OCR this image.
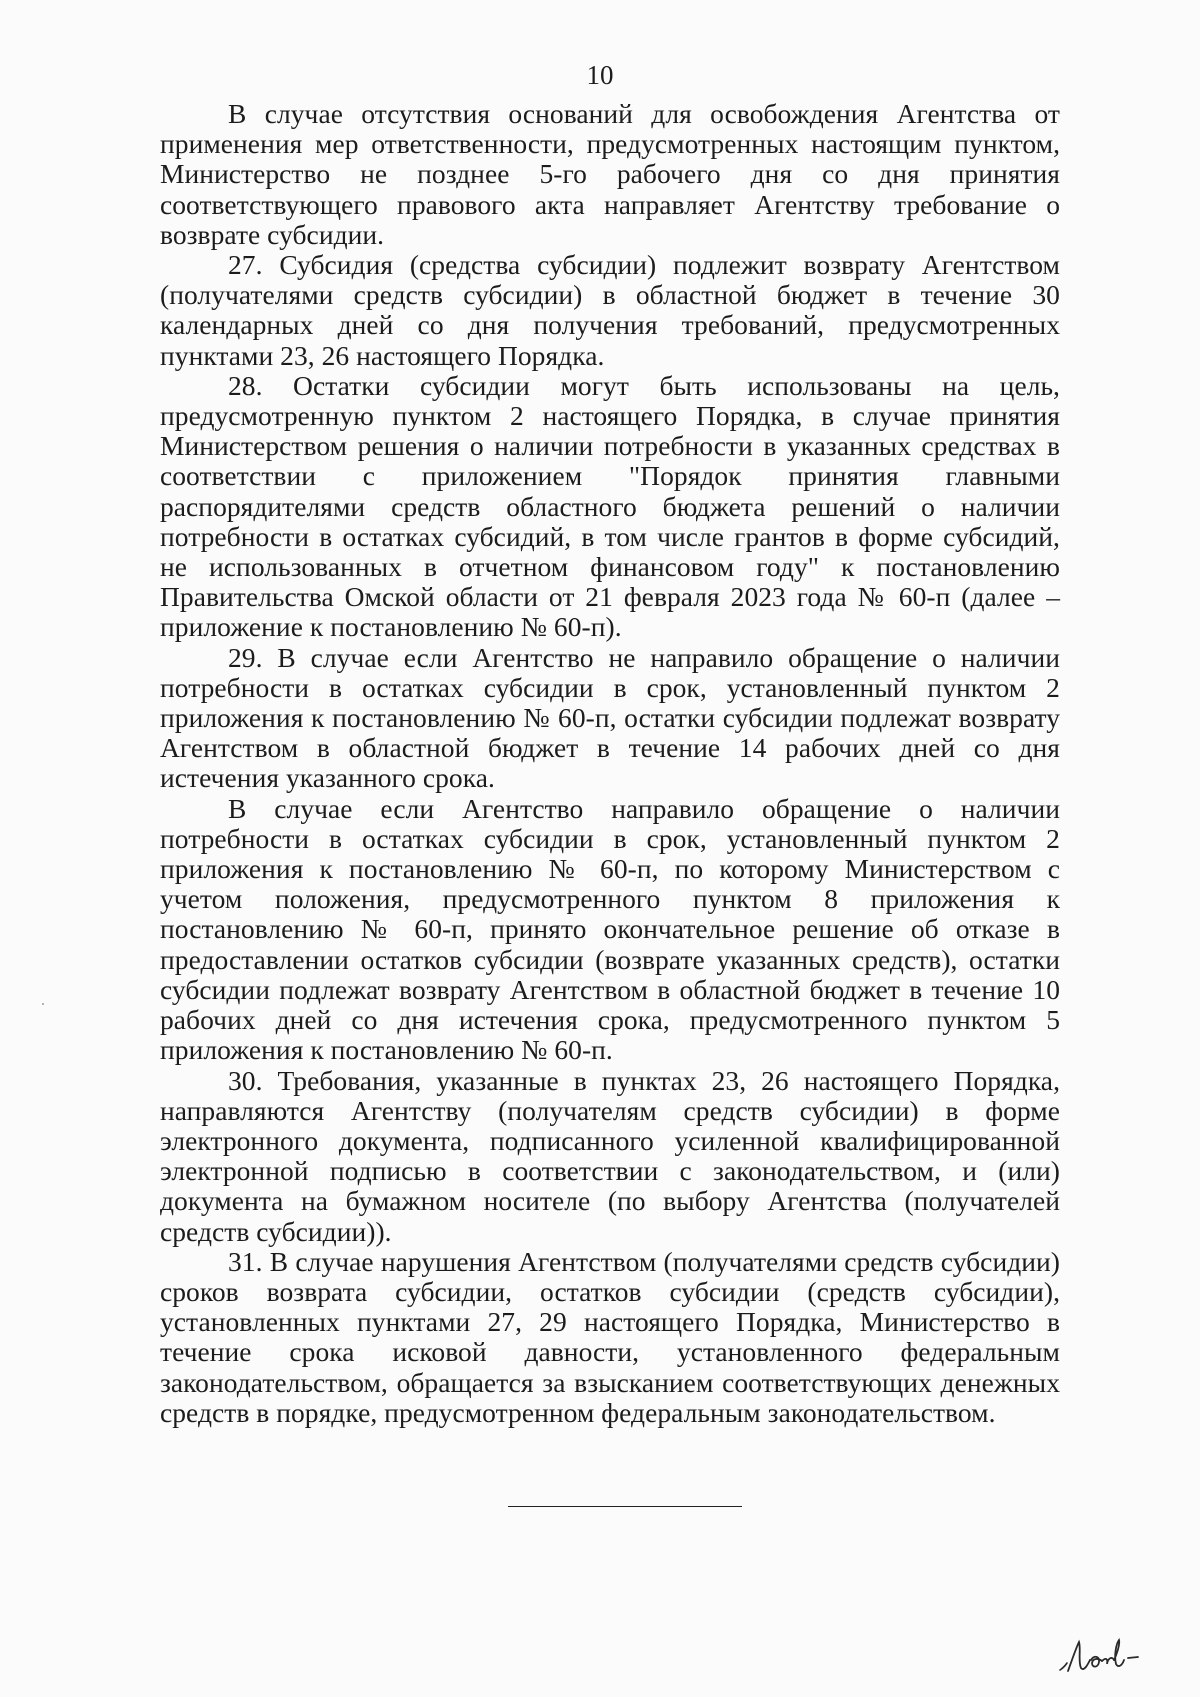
10

В случае отсутствия оснований для освобождения Агентства от применения мер ответственности, предусмотренных настоящим пунктом, Министерство не позднее 5-го рабочего дня со дня принятия соответствующего правового акта направляет Агентству требование о возврате субсидии.

27. Субсидия (средства субсидии) подлежит возврату Агентством (получателями средств субсидии) в областной бюджет в течение 30 календарных дней со дня получения требований, предусмотренных пунктами 23, 26 настоящего Порядка.

28. Остатки субсидии могут быть использованы на цель, предусмотренную пунктом 2 настоящего Порядка, в случае принятия Министерством решения о наличии потребности в указанных средствах в соответствии с приложением "Порядок принятия главными распорядителями средств областного бюджета решений о наличии потребности в остатках субсидий, в том числе грантов в форме субсидий, не использованных в отчетном финансовом году" к постановлению Правительства Омской области от 21 февраля 2023 года № 60-п (далее – приложение к постановлению № 60-п).

29. В случае если Агентство не направило обращение о наличии потребности в остатках субсидии в срок, установленный пунктом 2 приложения к постановлению № 60-п, остатки субсидии подлежат возврату Агентством в областной бюджет в течение 14 рабочих дней со дня истечения указанного срока.

В случае если Агентство направило обращение о наличии потребности в остатках субсидии в срок, установленный пунктом 2 приложения к постановлению № 60-п, по которому Министерством с учетом положения, предусмотренного пунктом 8 приложения к постановлению № 60-п, принято окончательное решение об отказе в предоставлении остатков субсидии (возврате указанных средств), остатки субсидии подлежат возврату Агентством в областной бюджет в течение 10 рабочих дней со дня истечения срока, предусмотренного пунктом 5 приложения к постановлению № 60-п.

30. Требования, указанные в пунктах 23, 26 настоящего Порядка, направляются Агентству (получателям средств субсидии) в форме электронного документа, подписанного усиленной квалифицированной электронной подписью в соответствии с законодательством, и (или) документа на бумажном носителе (по выбору Агентства (получателей средств субсидии)).

31. В случае нарушения Агентством (получателями средств субсидии) сроков возврата субсидии, остатков субсидии (средств субсидии), установленных пунктами 27, 29 настоящего Порядка, Министерство в течение срока исковой давности, установленного федеральным законодательством, обращается за взысканием соответствующих денежных средств в порядке, предусмотренном федеральным законодательством.
